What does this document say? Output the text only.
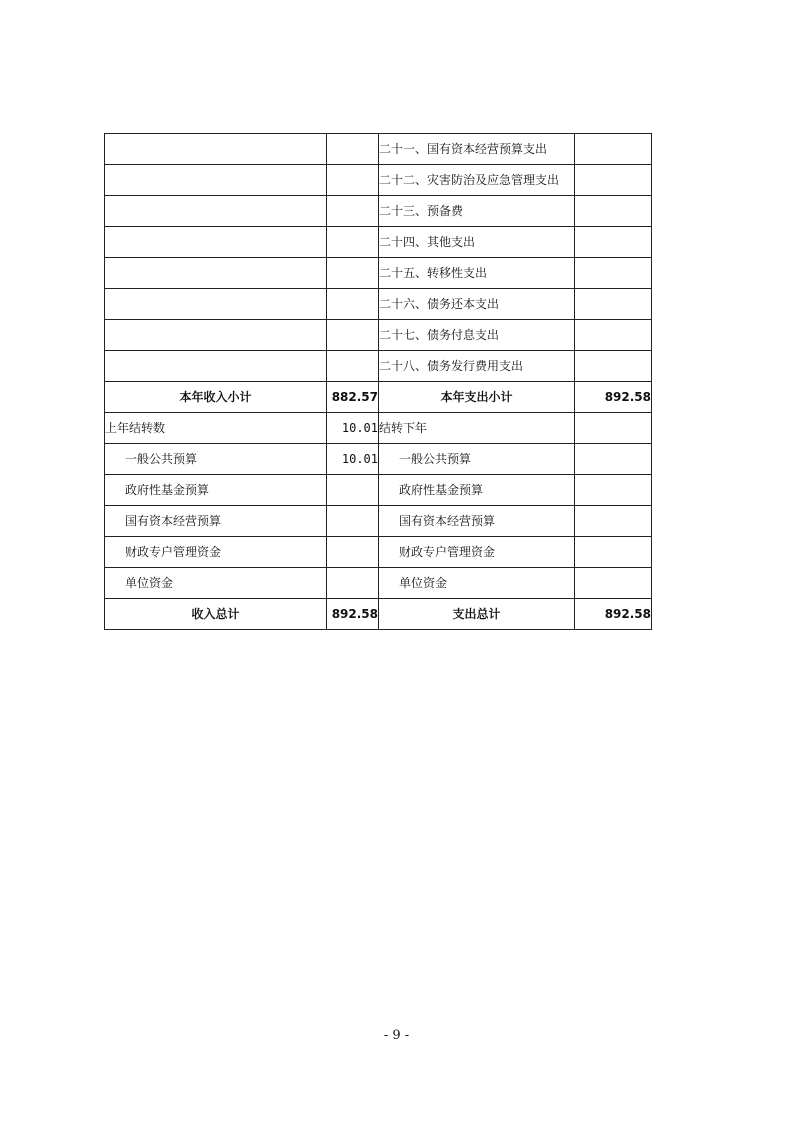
		二十一、国有资本经营预算支出	
		二十二、灾害防治及应急管理支出	
		二十三、预备费	
		二十四、其他支出	
		二十五、转移性支出	
		二十六、债务还本支出	
		二十七、债务付息支出	
		二十八、债务发行费用支出	
本年收入小计	882.57	本年支出小计	892.58
上年结转数	10.01	结转下年	
一般公共预算	10.01	一般公共预算	
政府性基金预算		政府性基金预算	
国有资本经营预算		国有资本经营预算	
财政专户管理资金		财政专户管理资金	
单位资金		单位资金	
收入总计	892.58	支出总计	892.58
- 9 -
